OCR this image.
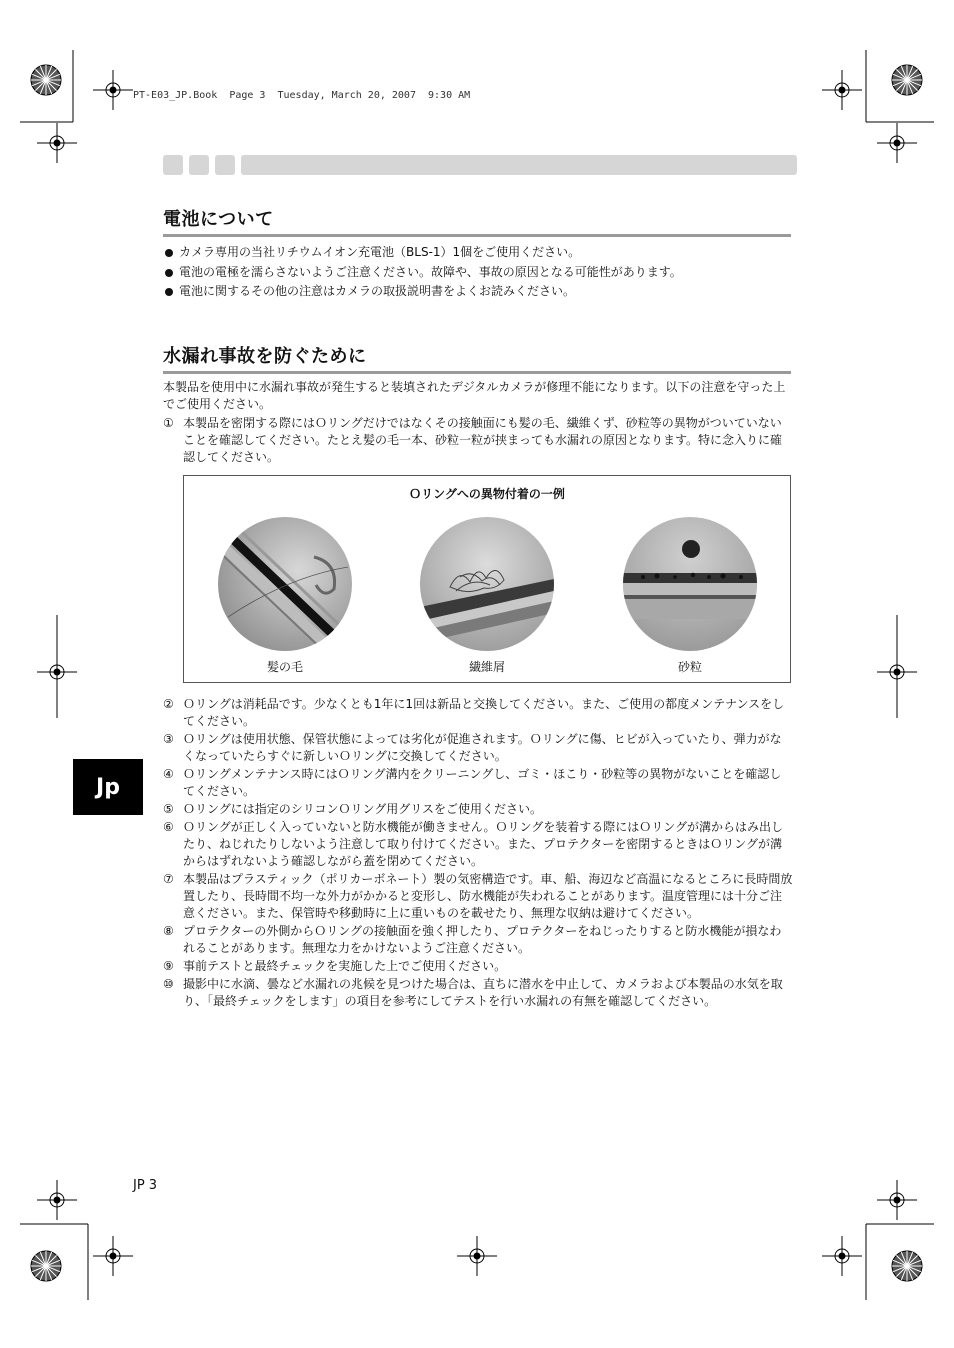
PT-E03_JP.Book  Page 3  Tuesday, March 20, 2007  9:30 AM
電池について
カメラ専用の当社リチウムイオン充電池（BLS-1）1個をご使用ください。
電池の電極を濡らさないようご注意ください。故障や、事故の原因となる可能性があります。
電池に関するその他の注意はカメラの取扱説明書をよくお読みください。
水漏れ事故を防ぐために
本製品を使用中に水漏れ事故が発生すると装填されたデジタルカメラが修理不能になります。以下の注意を守った上でご使用ください。
① 本製品を密閉する際にはＯリングだけではなくその接触面にも髪の毛、繊維くず、砂粒等の異物がついていないことを確認してください。たとえ髪の毛一本、砂粒一粒が挟まっても水漏れの原因となります。特に念入りに確認してください。
Ｏリングへの異物付着の一例
髪の毛	繊維屑	砂粒
② Ｏリングは消耗品です。少なくとも1年に1回は新品と交換してください。また、ご使用の都度メンテナンスをしてください。
③ Ｏリングは使用状態、保管状態によっては劣化が促進されます。Ｏリングに傷、ヒビが入っていたり、弾力がなくなっていたらすぐに新しいＯリングに交換してください。
④ Ｏリングメンテナンス時にはＯリング溝内をクリーニングし、ゴミ・ほこり・砂粒等の異物がないことを確認してください。
⑤ Ｏリングには指定のシリコンＯリング用グリスをご使用ください。
⑥ Ｏリングが正しく入っていないと防水機能が働きません。Ｏリングを装着する際にはＯリングが溝からはみ出したり、ねじれたりしないよう注意して取り付けてください。また、プロテクターを密閉するときはＯリングが溝からはずれないよう確認しながら蓋を閉めてください。
⑦ 本製品はプラスティック（ポリカーボネート）製の気密構造です。車、船、海辺など高温になるところに長時間放置したり、長時間不均一な外力がかかると変形し、防水機能が失われることがあります。温度管理には十分ご注意ください。また、保管時や移動時に上に重いものを載せたり、無理な収納は避けてください。
⑧ プロテクターの外側からＯリングの接触面を強く押したり、プロテクターをねじったりすると防水機能が損なわれることがあります。無理な力をかけないようご注意ください。
⑨ 事前テストと最終チェックを実施した上でご使用ください。
⑩ 撮影中に水滴、曇など水漏れの兆候を見つけた場合は、直ちに潜水を中止して、カメラおよび本製品の水気を取り、「最終チェックをします」の項目を参考にしてテストを行い水漏れの有無を確認してください。
Jp
JP 3
